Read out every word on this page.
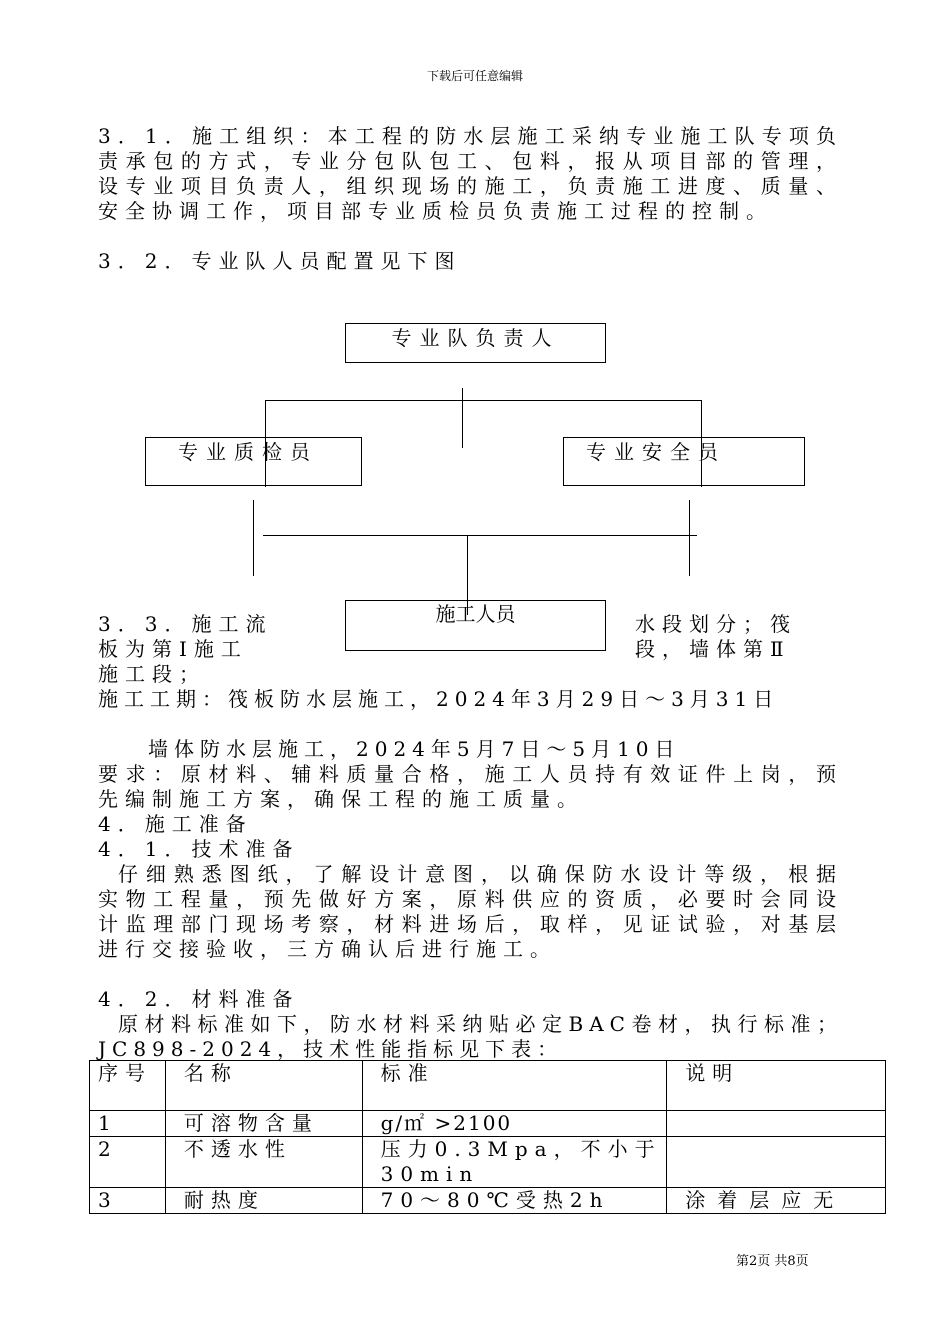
下载后可任意编辑
3．1．施工组织：本工程的防水层施工采纳专业施工队专项负责承包的方式，专业分包队包工、包料，报从项目部的管理，设专业项目负责人，组织现场的施工，负责施工进度、质量、安全协调工作，项目部专业质检员负责施工过程的控制。
3．2．专业队人员配置见下图
专业队负责人
专业质检员	专业安全员
施工人员
3．3．施工流	水段划分；筏
板为第Ⅰ施工	段，墙体第Ⅱ
施工段；
施工工期：筏板防水层施工，2024年3月29日～3月31日
墙体防水层施工，2024年5月7日～5月10日
要求：原材料、辅料质量合格，施工人员持有效证件上岗，预先编制施工方案，确保工程的施工质量。
4．施工准备
4．1．技术准备
仔细熟悉图纸，了解设计意图，以确保防水设计等级，根据实物工程量，预先做好方案，原料供应的资质，必要时会同设计监理部门现场考察，材料进场后，取样，见证试验，对基层进行交接验收，三方确认后进行施工。
4．2．材料准备
原材料标准如下，防水材料采纳贴必定BAC卷材，执行标准；JC898-2024，技术性能指标见下表：
序号	名称	标准	说明
1	可溶物含量	g/㎡ >2100	
2	不透水性	压力0.3Mpa，不小于30min	
3	耐热度	70～80℃受热2h	涂着层应无
第2页 共8页
